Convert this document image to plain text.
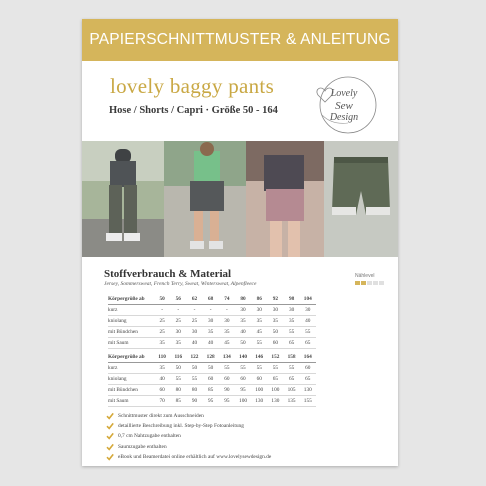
PAPIERSCHNITTMUSTER & ANLEITUNG
lovely baggy pants
Hose / Shorts / Capri · Größe 50 - 164
Lovely
Sew
Design
Stoffverbrauch & Material
Jersey, Sommersweat, French Terry, Sweat, Wintersweat, Alpenfleece
Nählevel
Körpergröße ab	50	56	62	68	74	80	86	92	98	104
kurz	-	-	-	-	-	30	30	30	30	30
kniolang	25	25	25	30	30	35	35	35	35	40
mit Bündchen	25	30	30	35	35	40	45	50	55	55
mit Saum	35	35	40	40	45	50	55	60	65	65
Körpergröße ab	110	116	122	128	134	140	146	152	158	164
kurz	35	50	50	50	55	55	55	55	55	60
kniolang	40	55	55	60	60	60	60	65	65	65
mit Bündchen	60	80	80	85	90	95	100	100	105	130
mit Saum	70	85	90	95	95	100	130	130	135	155
Schnittmuster direkt zum Ausschneiden
detaillierte Beschreibung inkl. Step-by-Step Fotoanleitung
0,7 cm Nahtzugabe enthalten
Saumzugabe enthalten
eBook und Beamerdatei online erhältlich auf www.lovelysewdesign.de
